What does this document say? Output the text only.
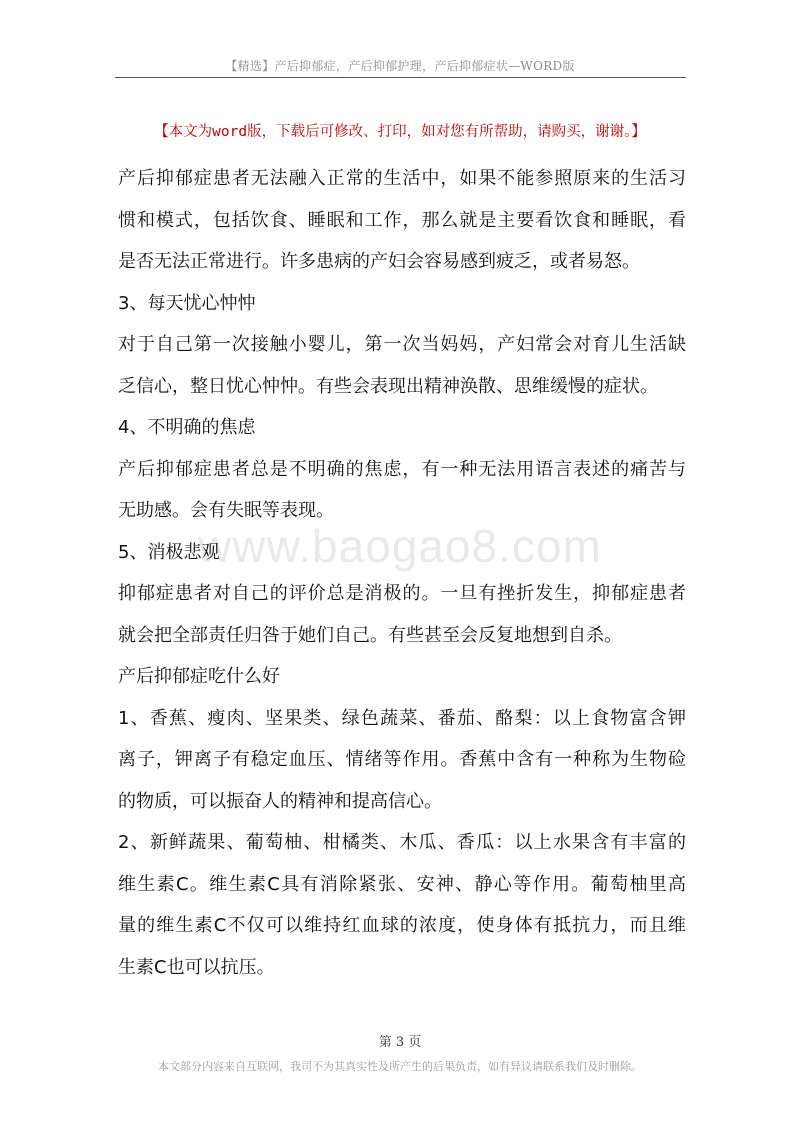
【精选】产后抑郁症，产后抑郁护理，产后抑郁症状—WORD版
【本文为word版，下载后可修改、打印，如对您有所帮助，请购买，谢谢。】
www.baogao8.com
产后抑郁症患者无法融入正常的生活中，如果不能参照原来的生活习
惯和模式，包括饮食、睡眠和工作，那么就是主要看饮食和睡眠，看
是否无法正常进行。许多患病的产妇会容易感到疲乏，或者易怒。
3、每天忧心忡忡
对于自己第一次接触小婴儿，第一次当妈妈，产妇常会对育儿生活缺
乏信心，整日忧心忡忡。有些会表现出精神涣散、思维缓慢的症状。
4、不明确的焦虑
产后抑郁症患者总是不明确的焦虑，有一种无法用语言表述的痛苦与
无助感。会有失眠等表现。
5、消极悲观
抑郁症患者对自己的评价总是消极的。一旦有挫折发生，抑郁症患者
就会把全部责任归咎于她们自己。有些甚至会反复地想到自杀。
产后抑郁症吃什么好
1、香蕉、瘦肉、坚果类、绿色蔬菜、番茄、酪梨：以上食物富含钾
离子，钾离子有稳定血压、情绪等作用。香蕉中含有一种称为生物硷
的物质，可以振奋人的精神和提高信心。
2、新鲜蔬果、葡萄柚、柑橘类、木瓜、香瓜：以上水果含有丰富的
维生素C。维生素C具有消除紧张、安神、静心等作用。葡萄柚里高
量的维生素C不仅可以维持红血球的浓度，使身体有抵抗力，而且维
生素C也可以抗压。
第 3 页
本文部分内容来自互联网，我司不为其真实性及所产生的后果负责，如有异议请联系我们及时删除。
